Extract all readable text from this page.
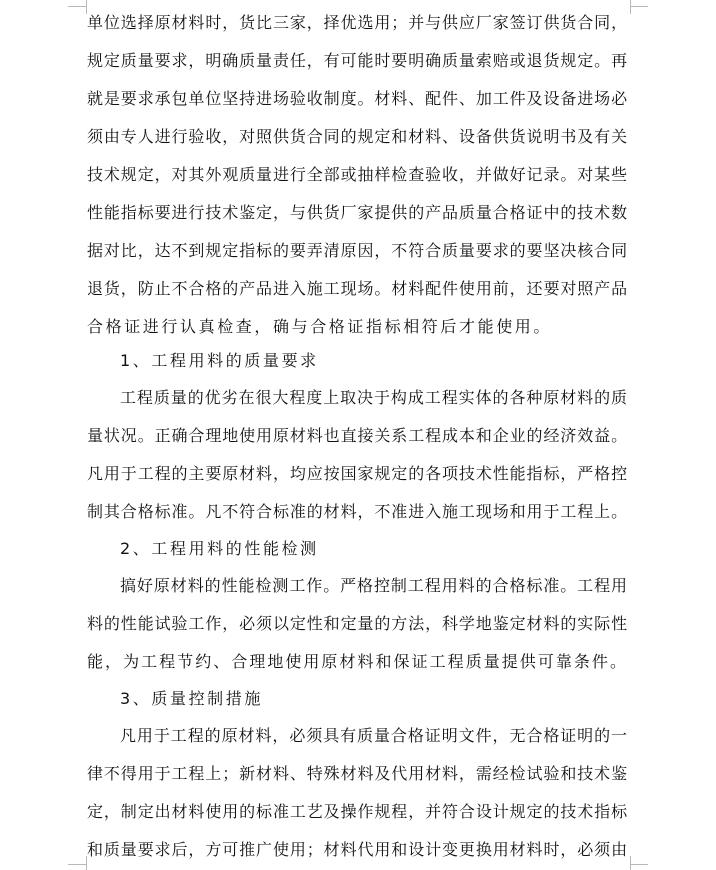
单位选择原材料时，货比三家，择优选用；并与供应厂家签订供货合同，
规定质量要求，明确质量责任，有可能时要明确质量索赔或退货规定。再
就是要求承包单位坚持进场验收制度。材料、配件、加工件及设备进场必
须由专人进行验收，对照供货合同的规定和材料、设备供货说明书及有关
技术规定，对其外观质量进行全部或抽样检查验收，并做好记录。对某些
性能指标要进行技术鉴定，与供货厂家提供的产品质量合格证中的技术数
据对比，达不到规定指标的要弄清原因，不符合质量要求的要坚决核合同
退货，防止不合格的产品进入施工现场。材料配件使用前，还要对照产品
合格证进行认真检查，确与合格证指标相符后才能使用。
1、工程用料的质量要求
工程质量的优劣在很大程度上取决于构成工程实体的各种原材料的质
量状况。正确合理地使用原材料也直接关系工程成本和企业的经济效益。
凡用于工程的主要原材料，均应按国家规定的各项技术性能指标，严格控
制其合格标准。凡不符合标准的材料，不准进入施工现场和用于工程上。
2、工程用料的性能检测
搞好原材料的性能检测工作。严格控制工程用料的合格标准。工程用
料的性能试验工作，必须以定性和定量的方法，科学地鉴定材料的实际性
能，为工程节约、合理地使用原材料和保证工程质量提供可靠条件。
3、质量控制措施
凡用于工程的原材料，必须具有质量合格证明文件，无合格证明的一
律不得用于工程上；新材料、特殊材料及代用材料，需经检试验和技术鉴
定，制定出材料使用的标准工艺及操作规程，并符合设计规定的技术指标
和质量要求后，方可推广使用；材料代用和设计变更换用材料时，必须由
